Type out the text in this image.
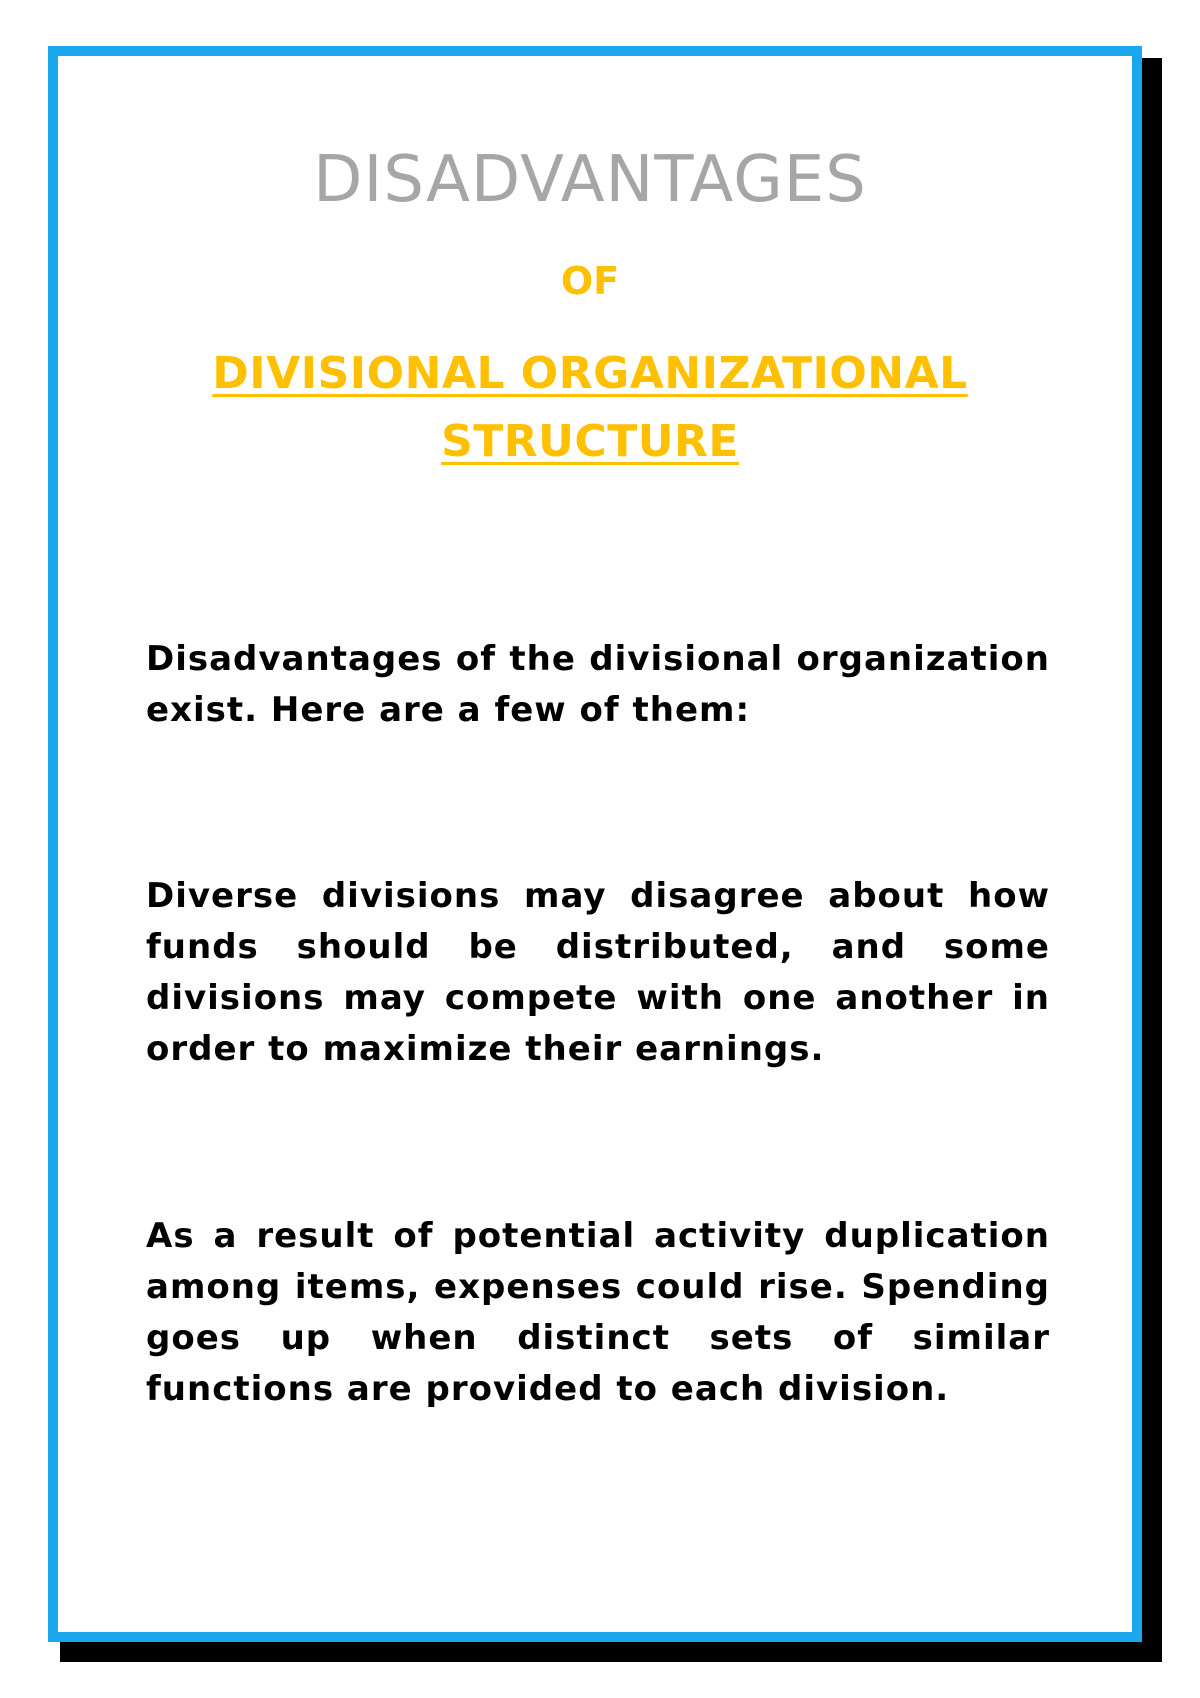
DISADVANTAGES
OF
DIVISIONAL ORGANIZATIONAL STRUCTURE

Disadvantages of the divisional organization exist. Here are a few of them:

Diverse divisions may disagree about how funds should be distributed, and some divisions may compete with one another in order to maximize their earnings.

As a result of potential activity duplication among items, expenses could rise. Spending goes up when distinct sets of similar functions are provided to each division.
